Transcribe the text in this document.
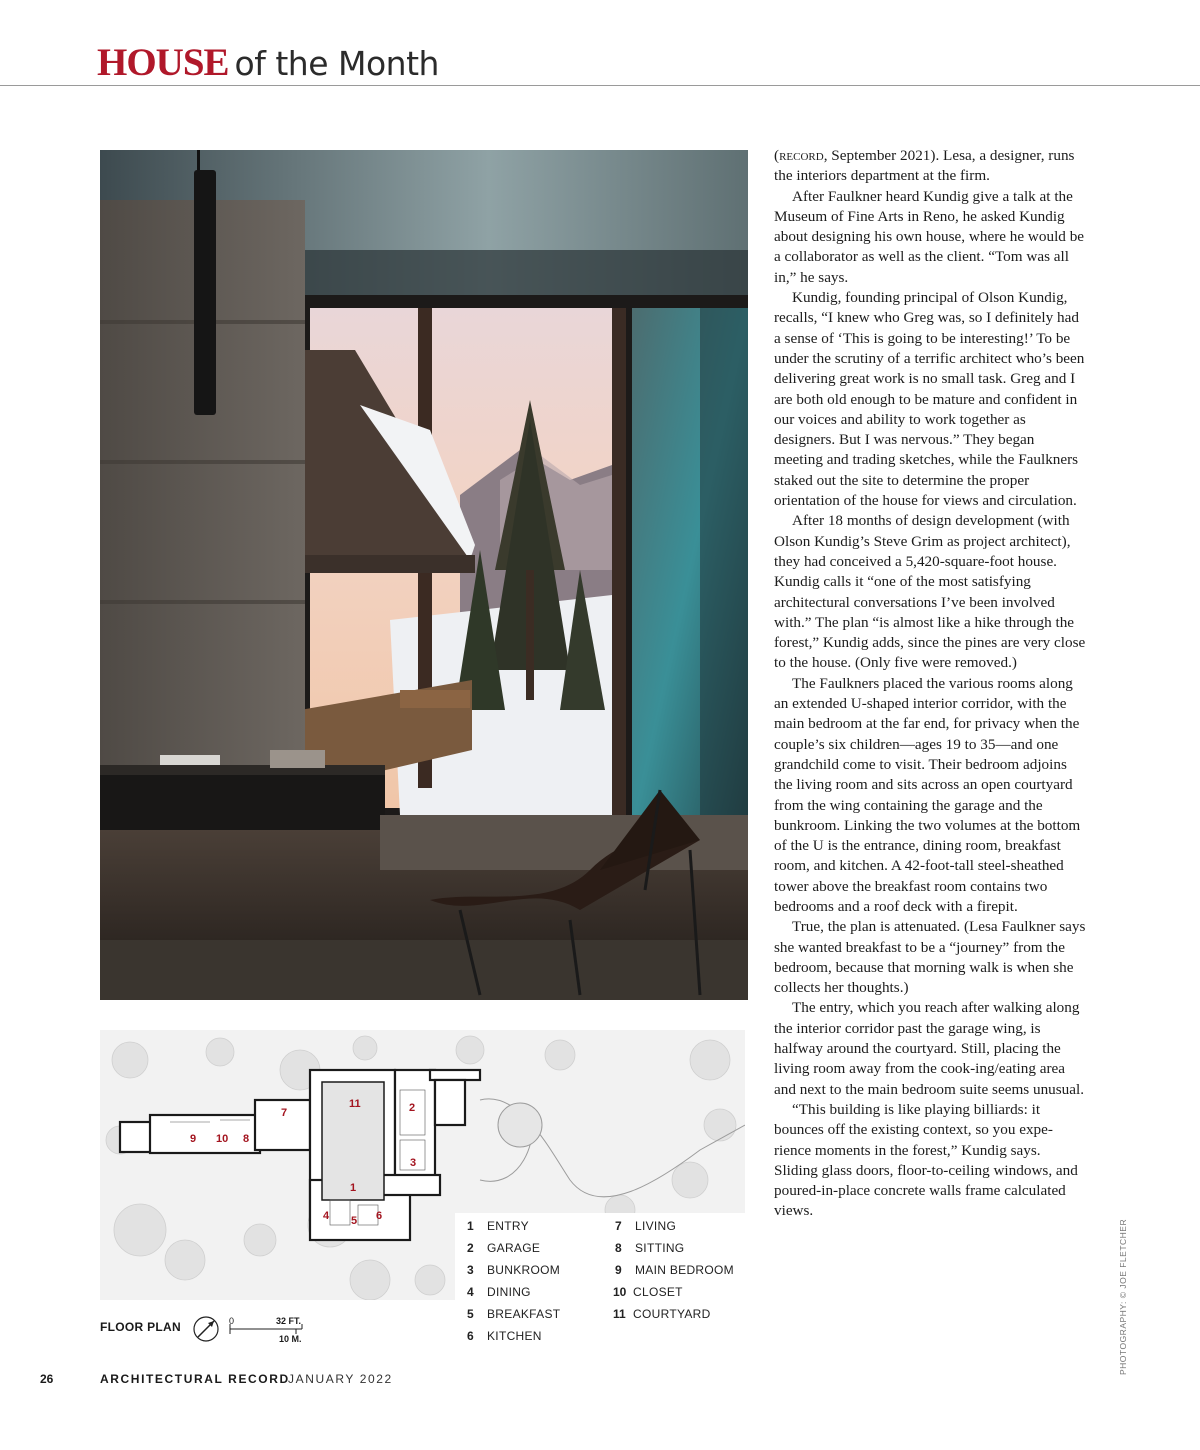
HOUSE of the Month
1
2
3
4 5 6
7
8
9 10
11
1 ENTRY
2 GARAGE
3 BUNKROOM
4 DINING
5 BREAKFAST
6 KITCHEN
7 LIVING
8 SITTING
9 MAIN BEDROOM
10 CLOSET
11 COURTYARD
FLOOR PLAN	0	32 FT.
10 M.

(record, September 2021). Lesa, a designer, runs the interiors department at the firm.

After Faulkner heard Kundig give a talk at the Museum of Fine Arts in Reno, he asked Kundig about designing his own house, where he would be a collaborator as well as the client. “Tom was all in,” he says.

Kundig, founding principal of Olson Kundig, recalls, “I knew who Greg was, so I definitely had a sense of ‘This is going to be interesting!’ To be under the scrutiny of a terrific architect who’s been delivering great work is no small task. Greg and I are both old enough to be mature and confident in our voices and ability to work together as designers. But I was nervous.” They began meeting and trading sketches, while the Faulkners staked out the site to determine the proper orientation of the house for views and circulation.

After 18 months of design development (with Olson Kundig’s Steve Grim as project architect), they had conceived a 5,420-square-foot house. Kundig calls it “one of the most satisfying architectural conversations I’ve been involved with.” The plan “is almost like a hike through the forest,” Kundig adds, since the pines are very close to the house. (Only five were removed.)

The Faulkners placed the various rooms along an extended U-shaped interior corridor, with the main bedroom at the far end, for privacy when the couple’s six children—ages 19 to 35—and one grandchild come to visit. Their bedroom adjoins the living room and sits across an open courtyard from the wing containing the garage and the bunkroom. Linking the two volumes at the bottom of the U is the entrance, dining room, breakfast room, and kitchen. A 42-foot-tall steel-sheathed tower above the breakfast room contains two bedrooms and a roof deck with a firepit.

True, the plan is attenuated. (Lesa Faulkner says she wanted breakfast to be a “journey” from the bedroom, because that morning walk is when she collects her thoughts.)

The entry, which you reach after walking along the interior corridor past the garage wing, is halfway around the courtyard. Still, placing the living room away from the cook-ing/eating area and next to the main bedroom suite seems unusual.

“This building is like playing billiards: it bounces off the existing context, so you expe-rience moments in the forest,” Kundig says. Sliding glass doors, floor-to-ceiling windows, and poured-in-place concrete walls frame calculated views.

PHOTOGRAPHY: © JOE FLETCHER
26	ARCHITECTURAL RECORD
JANUARY 2022
